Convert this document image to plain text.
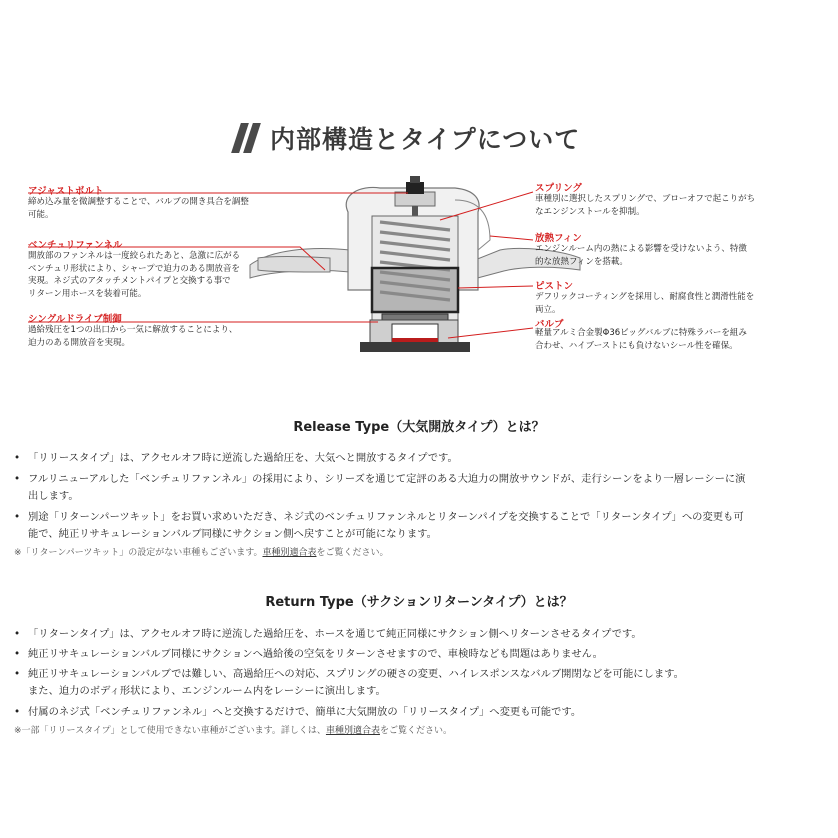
内部構造とタイプについて
アジャストボルト
締め込み量を微調整することで、バルブの開き具合を調整
可能。
ベンチュリファンネル
開放部のファンネルは一度絞られたあと、急激に広がる
ベンチュリ形状により、シャープで迫力のある開放音を
実現。ネジ式のアタッチメントパイプと交換する事で
リターン用ホースを装着可能。
シングルドライブ制御
過給残圧を1つの出口から一気に解放することにより、
迫力のある開放音を実現。
スプリング
車種別に選択したスプリングで、ブローオフで起こりがち
なエンジンストールを抑制。
放熱フィン
エンジンルーム内の熱による影響を受けないよう、特徴
的な放熱フィンを搭載。
ピストン
デフリックコーティングを採用し、耐腐食性と潤滑性能を
両立。
バルブ
軽量アルミ合金製Φ36ビッグバルブに特殊ラバーを組み
合わせ、ハイブーストにも負けないシール性を確保。
Release Type（大気開放タイプ）とは？
• 「リリースタイプ」は、アクセルオフ時に逆流した過給圧を、大気へと開放するタイプです。
• フルリニューアルした「ベンチュリファンネル」の採用により、シリーズを通じて定評のある大迫力の開放サウンドが、走行シーンをより一層レーシーに演
出します。
• 別途「リターンパーツキット」をお買い求めいただき、ネジ式のベンチュリファンネルとリターンパイプを交換することで「リターンタイプ」への変更も可
能で、純正リサキュレーションバルブ同様にサクション側へ戻すことが可能になります。
※「リターンパーツキット」の設定がない車種もございます。車種別適合表をご覧ください。
Return Type（サクションリターンタイプ）とは？
• 「リターンタイプ」は、アクセルオフ時に逆流した過給圧を、ホースを通じて純正同様にサクション側へリターンさせるタイプです。
• 純正リサキュレーションバルブ同様にサクションへ過給後の空気をリターンさせますので、車検時なども問題はありません。
• 純正リサキュレーションバルブでは難しい、高過給圧への対応、スプリングの硬さの変更、ハイレスポンスなバルブ開閉などを可能にします。
また、迫力のボディ形状により、エンジンルーム内をレーシーに演出します。
• 付属のネジ式「ベンチュリファンネル」へと交換するだけで、簡単に大気開放の「リリースタイプ」へ変更も可能です。
※一部「リリースタイプ」として使用できない車種がございます。詳しくは、車種別適合表をご覧ください。
